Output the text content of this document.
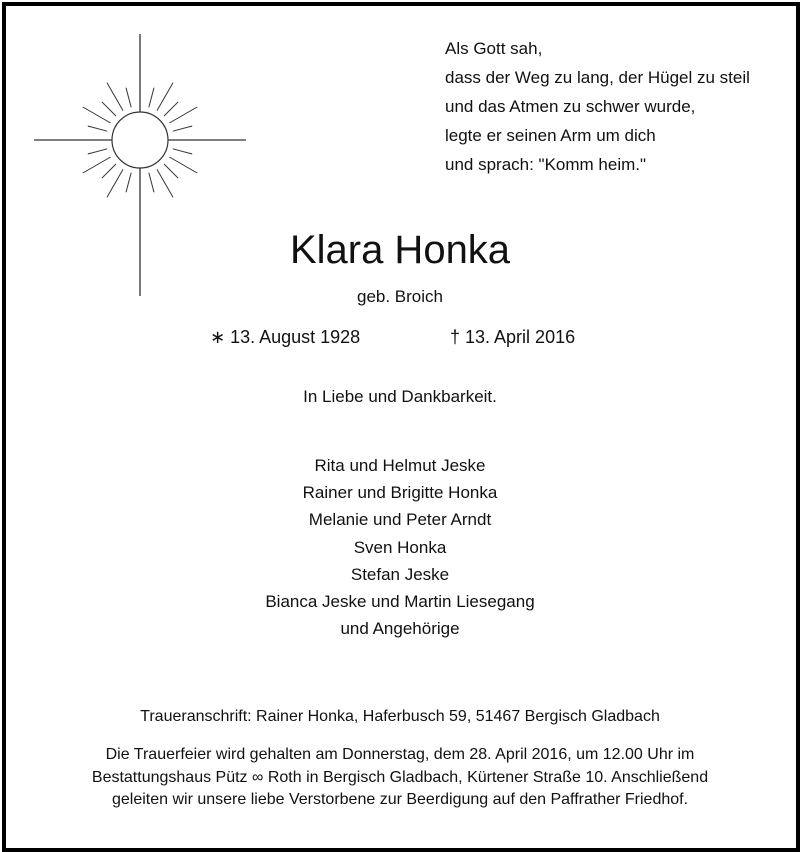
Als Gott sah,
dass der Weg zu lang, der Hügel zu steil
und das Atmen zu schwer wurde,
legte er seinen Arm um dich
und sprach: "Komm heim."
Klara Honka
geb. Broich
∗ 13. August 1928	† 13. April 2016
In Liebe und Dankbarkeit.
Rita und Helmut Jeske
Rainer und Brigitte Honka
Melanie und Peter Arndt
Sven Honka
Stefan Jeske
Bianca Jeske und Martin Liesegang
und Angehörige
Traueranschrift: Rainer Honka, Haferbusch 59, 51467 Bergisch Gladbach
Die Trauerfeier wird gehalten am Donnerstag, dem 28. April 2016, um 12.00 Uhr im
Bestattungshaus Pütz ∞ Roth in Bergisch Gladbach, Kürtener Straße 10. Anschließend
geleiten wir unsere liebe Verstorbene zur Beerdigung auf den Paffrather Friedhof.
